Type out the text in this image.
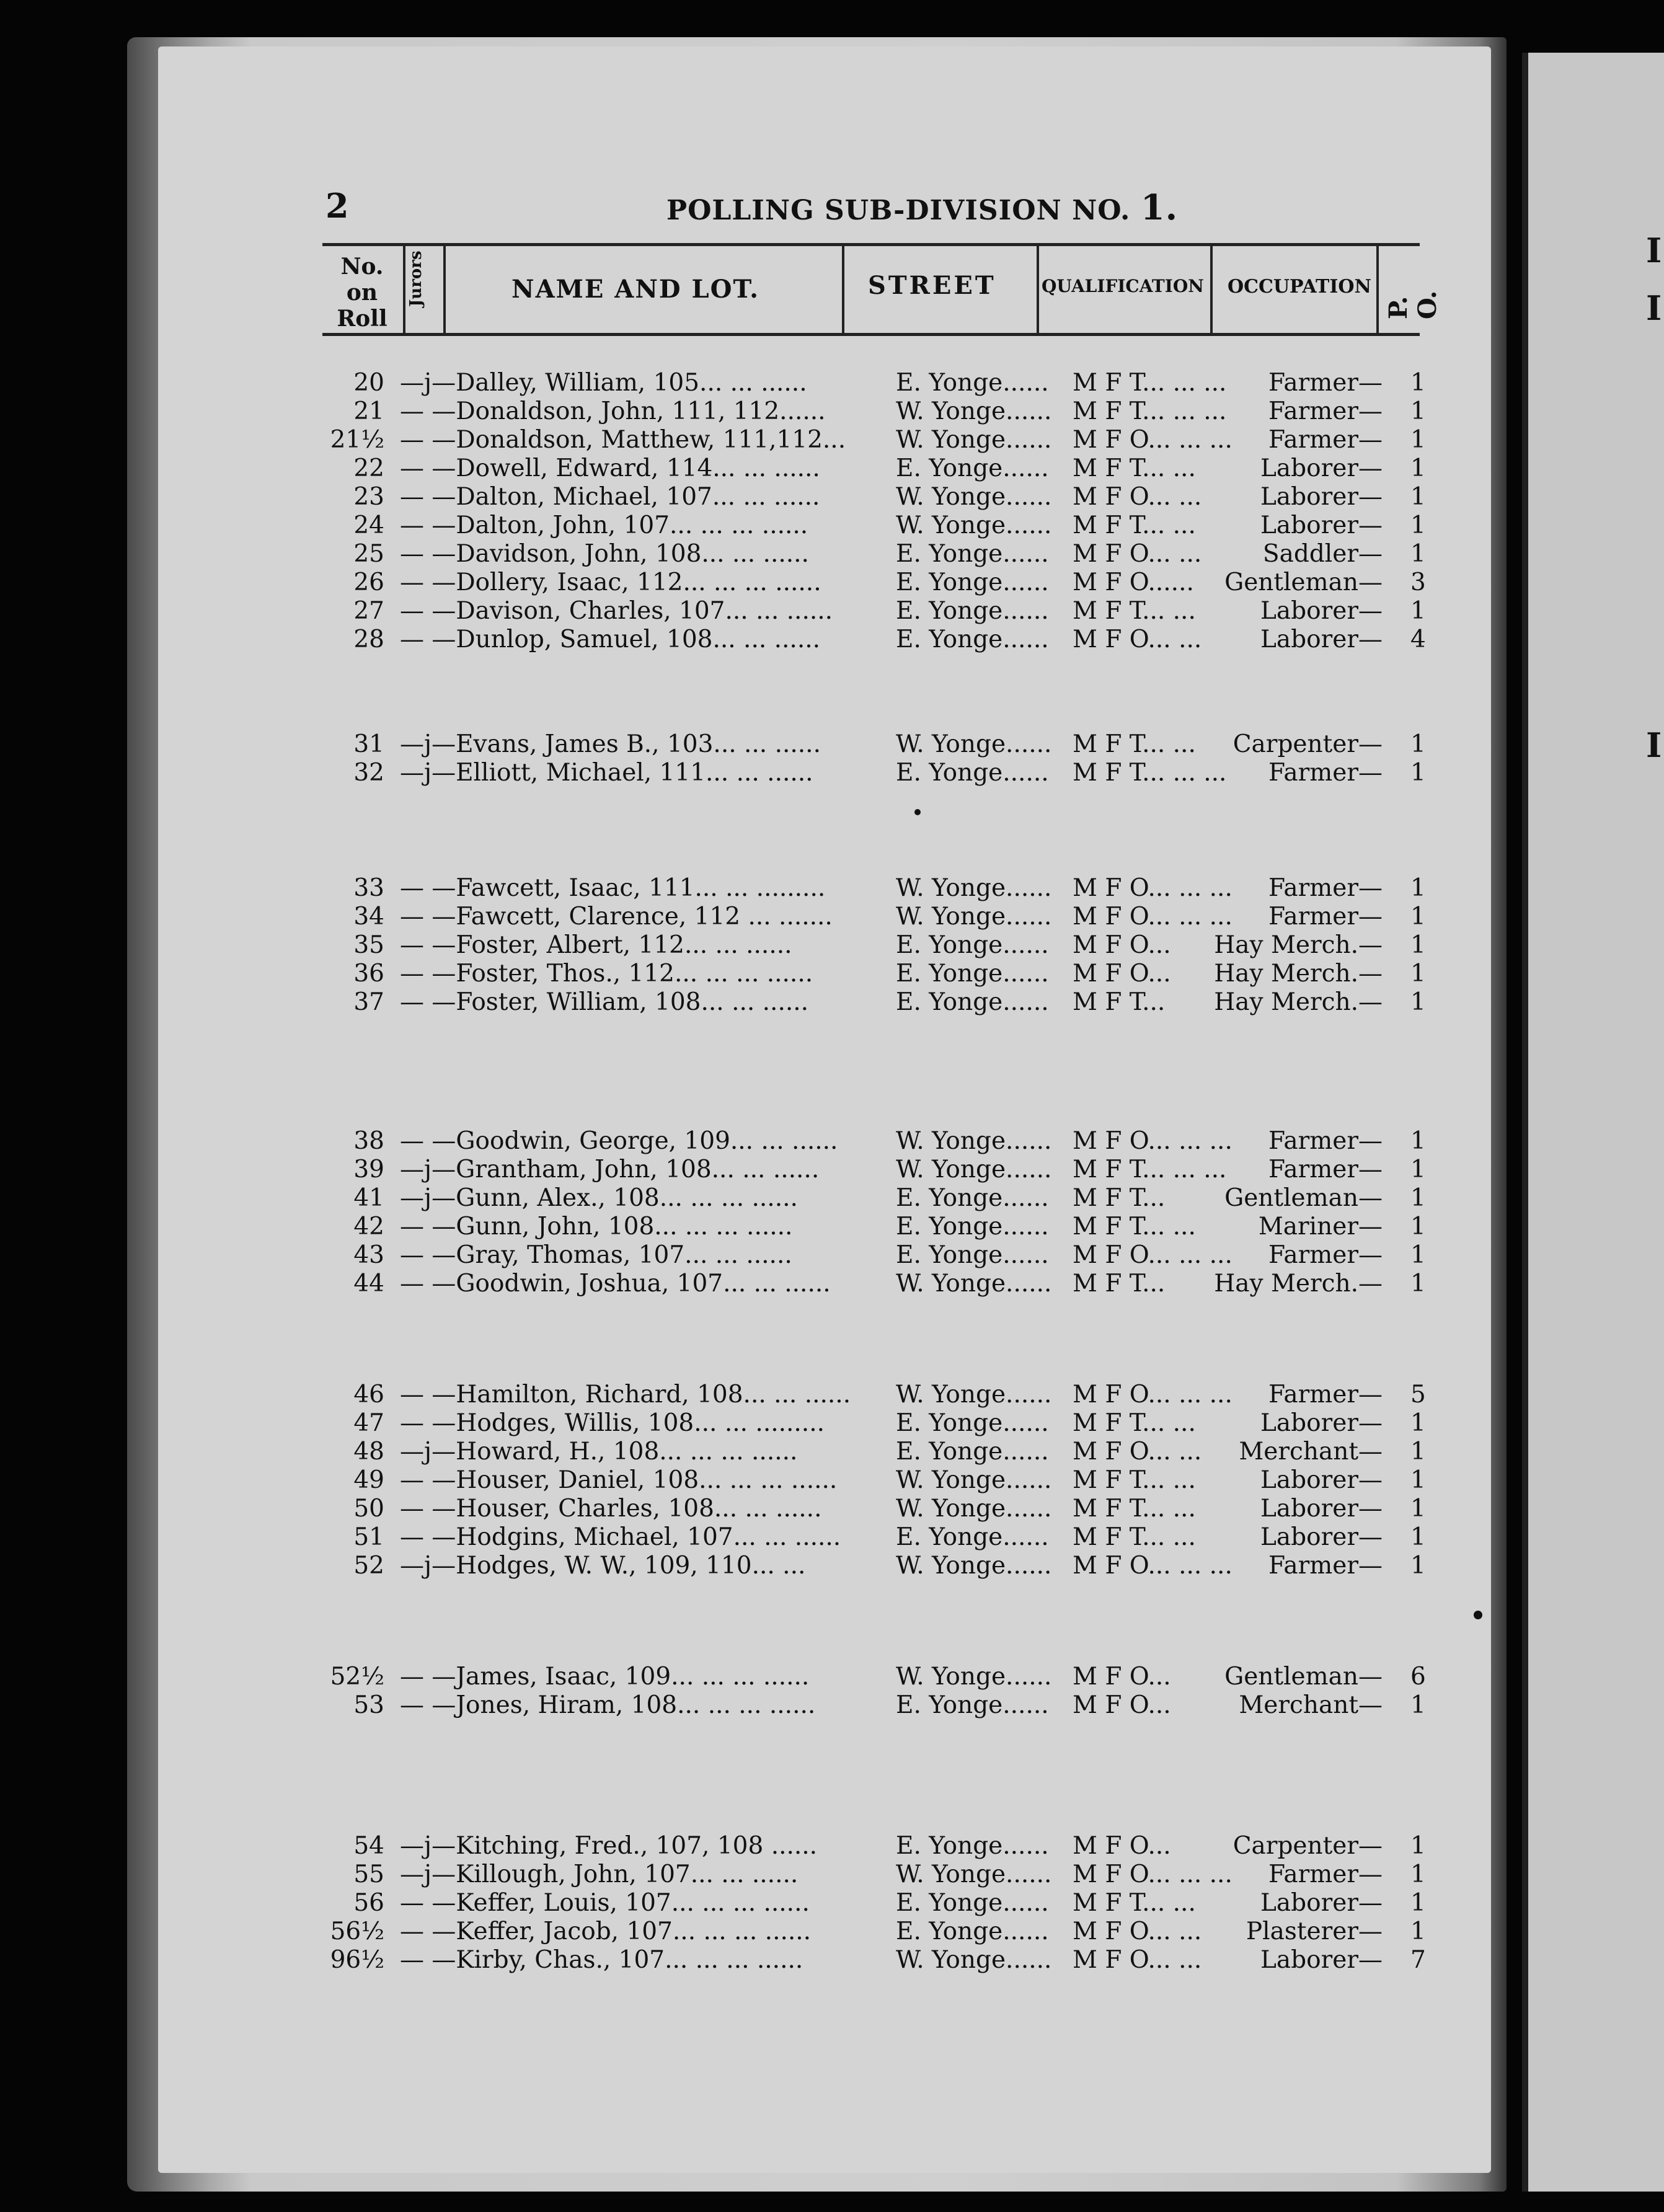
I
I
I
2	POLLING SUB-DIVISION NO. 1.
No. on Roll
Jurors	NAME AND LOT.	STREET	QUALIFICATION OCCUPATION
P. O.
20 —j—Dalley, William, 105... ... ......	E. Yonge...... M F T... ... ...	Farmer— 1
21 — —Donaldson, John, 111, 112......	W. Yonge...... M F T... ... ...	Farmer— 1
21½ — —Donaldson, Matthew, 111,112... W. Yonge...... M F O... ... ...	Farmer— 1
22 — —Dowell, Edward, 114... ... ......	E. Yonge...... M F T... ...	Laborer— 1
23 — —Dalton, Michael, 107... ... ......	W. Yonge...... M F O... ...	Laborer— 1
24 — —Dalton, John, 107... ... ... ......	W. Yonge...... M F T... ...	Laborer— 1
25 — —Davidson, John, 108... ... ......	E. Yonge...... M F O... ...	Saddler— 1
26 — —Dollery, Isaac, 112... ... ... ......	E. Yonge...... M F O......	Gentleman— 3
27 — —Davison, Charles, 107... ... ......	E. Yonge...... M F T... ...	Laborer— 1
28 — —Dunlop, Samuel, 108... ... ......	E. Yonge...... M F O... ...	Laborer— 4
31 —j—Evans, James B., 103... ... ......	W. Yonge...... M F T... ...	Carpenter— 1
32 —j—Elliott, Michael, 111... ... ......	E. Yonge...... M F T... ... ...	Farmer— 1
33 — —Fawcett, Isaac, 111... ... .........	W. Yonge...... M F O... ... ...	Farmer— 1
34 — —Fawcett, Clarence, 112 ... .......	W. Yonge...... M F O... ... ...	Farmer— 1
35 — —Foster, Albert, 112... ... ......	E. Yonge...... M F O...	Hay Merch.— 1
36 — —Foster, Thos., 112... ... ... ......	E. Yonge...... M F O...	Hay Merch.— 1
37 — —Foster, William, 108... ... ......	E. Yonge...... M F T...	Hay Merch.— 1
38 — —Goodwin, George, 109... ... ...... W. Yonge...... M F O... ... ...	Farmer— 1
39 —j—Grantham, John, 108... ... ......	W. Yonge...... M F T... ... ...	Farmer— 1
41 —j—Gunn, Alex., 108... ... ... ......	E. Yonge...... M F T...	Gentleman— 1
42 — —Gunn, John, 108... ... ... ......	E. Yonge...... M F T... ...	Mariner— 1
43 — —Gray, Thomas, 107... ... ......	E. Yonge...... M F O... ... ...	Farmer— 1
44 — —Goodwin, Joshua, 107... ... ......	W. Yonge...... M F T...	Hay Merch.— 1
46 — —Hamilton, Richard, 108... ... ...... W. Yonge...... M F O... ... ...	Farmer— 5
47 — —Hodges, Willis, 108... ... .........	E. Yonge...... M F T... ...	Laborer— 1
48 —j—Howard, H., 108... ... ... ......	E. Yonge...... M F O... ...	Merchant— 1
49 — —Houser, Daniel, 108... ... ... ...... W. Yonge...... M F T... ...	Laborer— 1
50 — —Houser, Charles, 108... ... ......	W. Yonge...... M F T... ...	Laborer— 1
51 — —Hodgins, Michael, 107... ... ...... E. Yonge...... M F T... ...	Laborer— 1
52 —j—Hodges, W. W., 109, 110... ...	W. Yonge...... M F O... ... ...	Farmer— 1
52½ — —James, Isaac, 109... ... ... ......	W. Yonge...... M F O...	Gentleman— 6
53 — —Jones, Hiram, 108... ... ... ......	E. Yonge...... M F O...	Merchant— 1
54 —j—Kitching, Fred., 107, 108 ......	E. Yonge...... M F O...	Carpenter— 1
55 —j—Killough, John, 107... ... ......	W. Yonge...... M F O... ... ...	Farmer— 1
56 — —Keffer, Louis, 107... ... ... ......	E. Yonge...... M F T... ...	Laborer— 1
56½ — —Keffer, Jacob, 107... ... ... ......	E. Yonge...... M F O... ...	Plasterer— 1
96½ — —Kirby, Chas., 107... ... ... ......	W. Yonge...... M F O... ...	Laborer— 7
